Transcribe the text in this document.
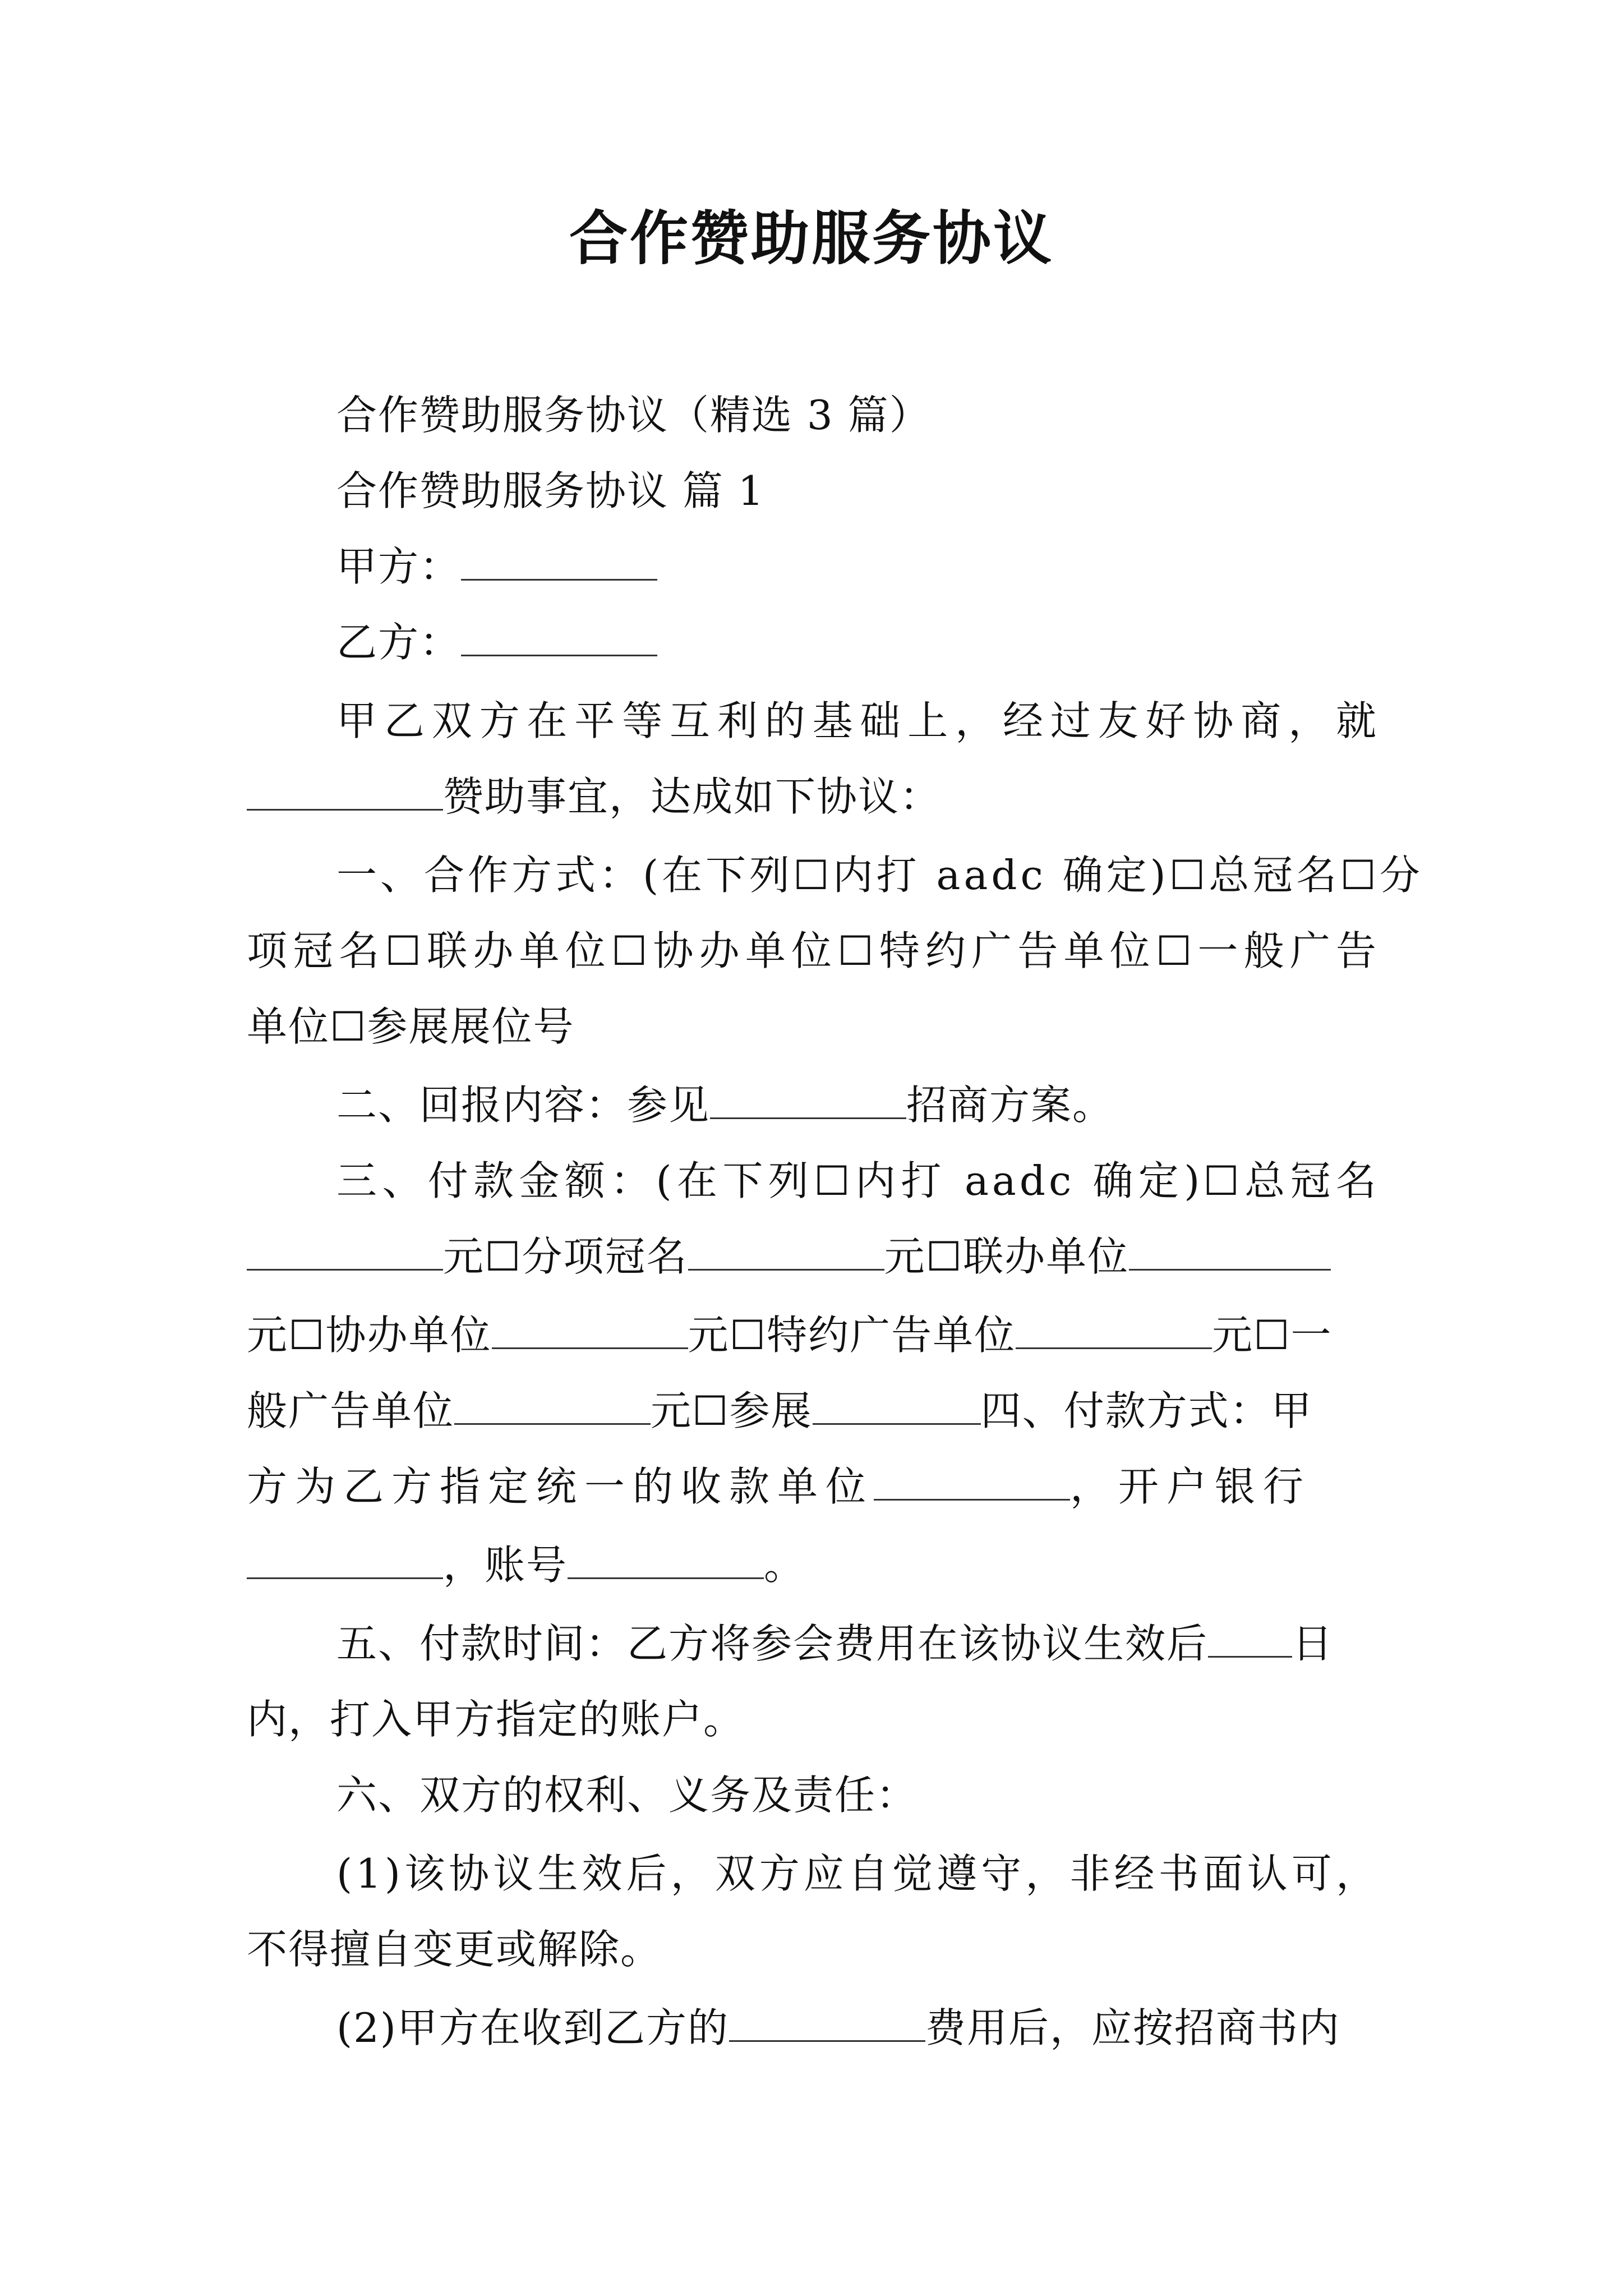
合作赞助服务协议
合作赞助服务协议（精选 3 篇）
合作赞助服务协议 篇 1
甲方：
乙方：
甲乙双方在平等互利的基础上，经过友好协商，就
赞助事宜，达成如下协议：
一、合作方式：(在下列☐内打 aadc 确定)☐总冠名☐分
项冠名☐联办单位☐协办单位☐特约广告单位☐一般广告
单位☐参展展位号
二、回报内容：参见	招商方案。
三、付款金额：(在下列☐内打 aadc 确定)☐总冠名
元☐分项冠名	元☐联办单位
元☐协办单位	元☐特约广告单位	元☐一
般广告单位	元☐参展	四、付款方式：甲
方为乙方指定统一的收款单位	，开户银行
，账号	。
五、付款时间：乙方将参会费用在该协议生效后 日
内，打入甲方指定的账户。
六、双方的权利、义务及责任：
(1)该协议生效后，双方应自觉遵守，非经书面认可，
不得擅自变更或解除。
(2)甲方在收到乙方的	费用后，应按招商书内
